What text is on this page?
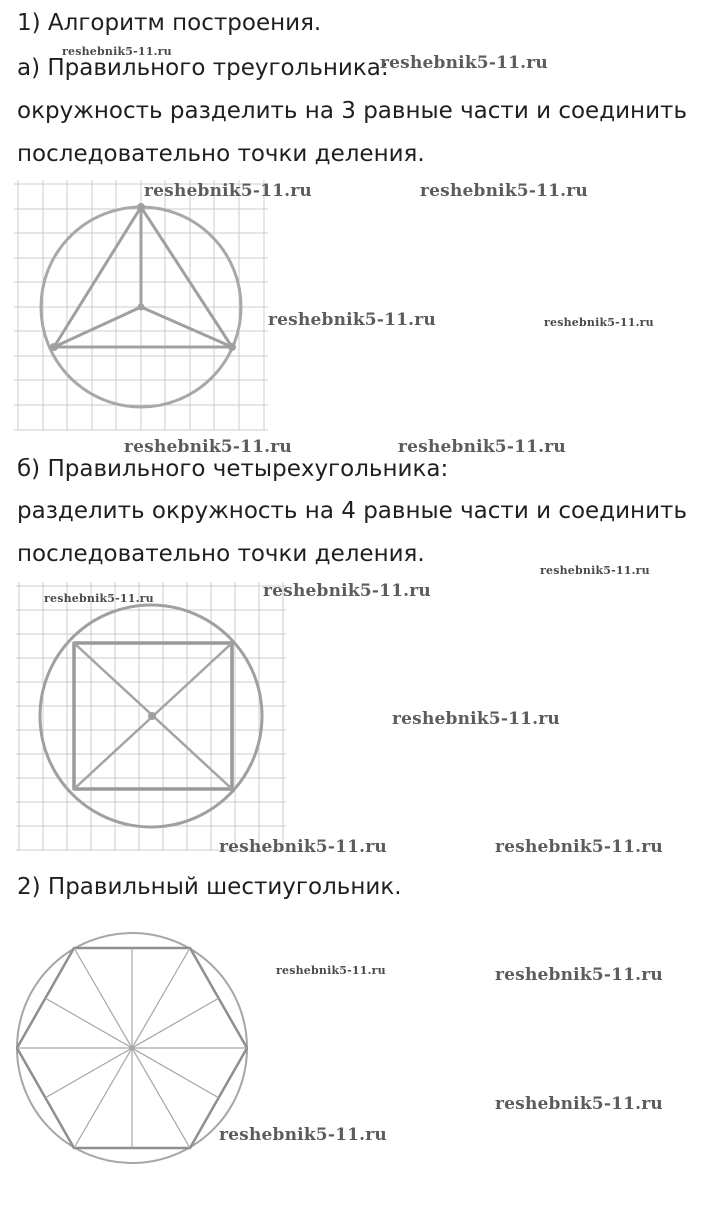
1) Алгоритм построения.

а) Правильного треугольника:

окружность разделить на 3 равные части и соединить

последовательно точки деления.

б) Правильного четырехугольника:

разделить окружность на 4 равные части и соединить

последовательно точки деления.

2) Правильный шестиугольник.

reshebnik5-11.ru
reshebnik5-11.ru
reshebnik5-11.ru	reshebnik5-11.ru
reshebnik5-11.ru	reshebnik5-11.ru
reshebnik5-11.ru	reshebnik5-11.ru
reshebnik5-11.ru
reshebnik5-11.ru
reshebnik5-11.ru
reshebnik5-11.ru
reshebnik5-11.ru	reshebnik5-11.ru
reshebnik5-11.ru	reshebnik5-11.ru
reshebnik5-11.ru
reshebnik5-11.ru
